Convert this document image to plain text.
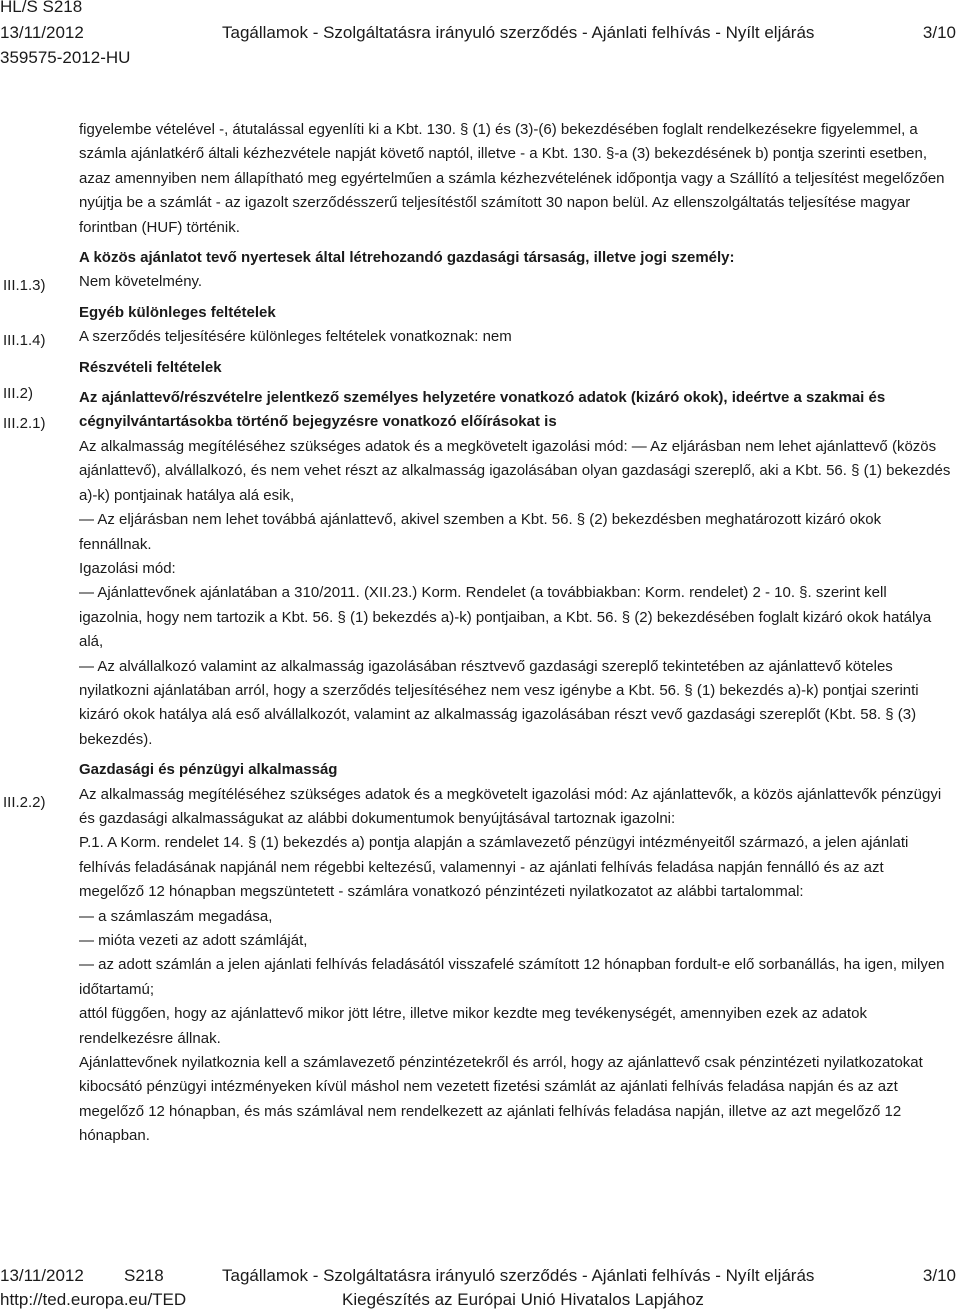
HL/S S218
13/11/2012
359575-2012-HU
Tagállamok - Szolgáltatásra irányuló szerződés - Ajánlati felhívás - Nyílt eljárás	3/10
III.1.3)
III.1.4)
III.2)
III.2.1)
III.2.2)

figyelembe vételével -, átutalással egyenlíti ki a Kbt. 130. § (1) és (3)-(6) bekezdésében foglalt rendelkezésekre figyelemmel, a számla ajánlatkérő általi kézhezvétele napját követő naptól, illetve - a Kbt. 130. §-a (3) bekezdésének b) pontja szerinti esetben, azaz amennyiben nem állapítható meg egyértelműen a számla kézhezvételének időpontja vagy a Szállító a teljesítést megelőzően nyújtja be a számlát - az igazolt szerződésszerű teljesítéstől számított 30 napon belül. Az ellenszolgáltatás teljesítése magyar forintban (HUF) történik.

A közös ajánlatot tevő nyertesek által létrehozandó gazdasági társaság, illetve jogi személy:

Nem követelmény.

Egyéb különleges feltételek

A szerződés teljesítésére különleges feltételek vonatkoznak: nem

Részvételi feltételek

Az ajánlattevő/részvételre jelentkező személyes helyzetére vonatkozó adatok (kizáró okok), ideértve a szakmai és cégnyilvántartásokba történő bejegyzésre vonatkozó előírásokat is

Az alkalmasság megítéléséhez szükséges adatok és a megkövetelt igazolási mód: — Az eljárásban nem lehet ajánlattevő (közös ajánlattevő), alvállalkozó, és nem vehet részt az alkalmasság igazolásában olyan gazdasági szereplő, aki a Kbt. 56. § (1) bekezdés a)-k) pontjainak hatálya alá esik,

— Az eljárásban nem lehet továbbá ajánlattevő, akivel szemben a Kbt. 56. § (2) bekezdésben meghatározott kizáró okok fennállnak.

Igazolási mód:

— Ajánlattevőnek ajánlatában a 310/2011. (XII.23.) Korm. Rendelet (a továbbiakban: Korm. rendelet) 2 - 10. §. szerint kell igazolnia, hogy nem tartozik a Kbt. 56. § (1) bekezdés a)-k) pontjaiban, a Kbt. 56. § (2) bekezdésében foglalt kizáró okok hatálya alá,

— Az alvállalkozó valamint az alkalmasság igazolásában résztvevő gazdasági szereplő tekintetében az ajánlattevő köteles nyilatkozni ajánlatában arról, hogy a szerződés teljesítéséhez nem vesz igénybe a Kbt. 56. § (1) bekezdés a)-k) pontjai szerinti kizáró okok hatálya alá eső alvállalkozót, valamint az alkalmasság igazolásában részt vevő gazdasági szereplőt (Kbt. 58. § (3) bekezdés).

Gazdasági és pénzügyi alkalmasság

Az alkalmasság megítéléséhez szükséges adatok és a megkövetelt igazolási mód: Az ajánlattevők, a közös ajánlattevők pénzügyi és gazdasági alkalmasságukat az alábbi dokumentumok benyújtásával tartoznak igazolni:

P.1. A Korm. rendelet 14. § (1) bekezdés a) pontja alapján a számlavezető pénzügyi intézményeitől származó, a jelen ajánlati felhívás feladásának napjánál nem régebbi keltezésű, valamennyi - az ajánlati felhívás feladása napján fennálló és az azt megelőző 12 hónapban megszüntetett - számlára vonatkozó pénzintézeti nyilatkozatot az alábbi tartalommal:

— a számlaszám megadása,

— mióta vezeti az adott számláját,

— az adott számlán a jelen ajánlati felhívás feladásától visszafelé számított 12 hónapban fordult-e elő sorbanállás, ha igen, milyen időtartamú;

attól függően, hogy az ajánlattevő mikor jött létre, illetve mikor kezdte meg tevékenységét, amennyiben ezek az adatok rendelkezésre állnak.

Ajánlattevőnek nyilatkoznia kell a számlavezető pénzintézetekről és arról, hogy az ajánlattevő csak pénzintézeti nyilatkozatokat kibocsátó pénzügyi intézményeken kívül máshol nem vezetett fizetési számlát az ajánlati felhívás feladása napján és az azt megelőző 12 hónapban, és más számlával nem rendelkezett az ajánlati felhívás feladása napján, illetve az azt megelőző 12 hónapban.

13/11/2012 S218	Tagállamok - Szolgáltatásra irányuló szerződés - Ajánlati felhívás - Nyílt eljárás	3/10
http://ted.europa.eu/TED	Kiegészítés az Európai Unió Hivatalos Lapjához
